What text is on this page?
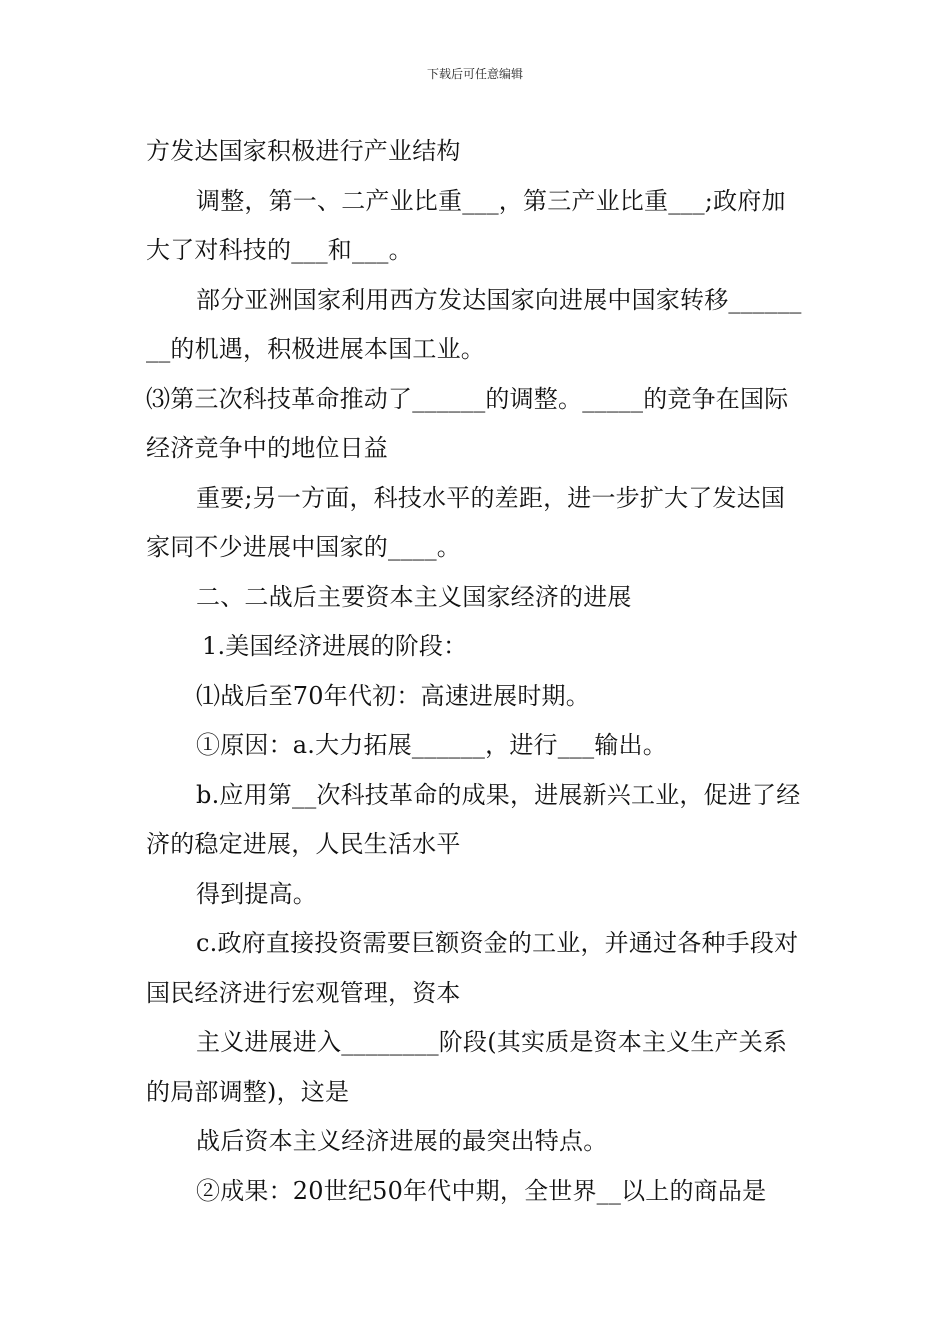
下载后可任意编辑

方发达国家积极进行产业结构

调整，第一、二产业比重___，第三产业比重___;政府加大了对科技的___和___。

部分亚洲国家利用西方发达国家向进展中国家转移________的机遇，积极进展本国工业。

⑶第三次科技革命推动了______的调整。_____的竞争在国际经济竞争中的地位日益

重要;另一方面，科技水平的差距，进一步扩大了发达国家同不少进展中国家的____。

二、二战后主要资本主义国家经济的进展

1.美国经济进展的阶段：

⑴战后至70年代初：高速进展时期。

①原因：a.大力拓展______，进行___输出。

b.应用第__次科技革命的成果，进展新兴工业，促进了经济的稳定进展，人民生活水平

得到提高。

c.政府直接投资需要巨额资金的工业，并通过各种手段对国民经济进行宏观管理，资本

主义进展进入________阶段(其实质是资本主义生产关系的局部调整)，这是

战后资本主义经济进展的最突出特点。

②成果：20世纪50年代中期，全世界__以上的商品是
